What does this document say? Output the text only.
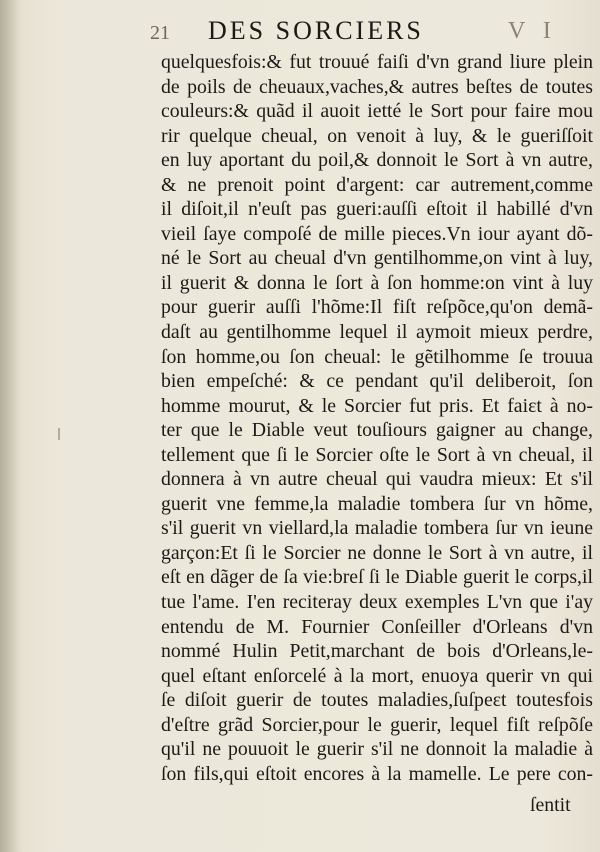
21 DES SORCIERS	V I
quelquesfois:& fut trouué faiſi d'vn grand liure plein
de poils de cheuaux,vaches,& autres beſtes de toutes
couleurs:& quãd il auoit ietté le Sort pour faire mou
rir quelque cheual, on venoit à luy, & le gueriſſoit
en luy aportant du poil,& donnoit le Sort à vn autre,
& ne prenoit point d'argent: car autrement,comme
il diſoit,il n'euſt pas gueri:auſſi eſtoit il habillé d'vn
vieil ſaye compoſé de mille pieces.Vn iour ayant dõ-
né le Sort au cheual d'vn gentilhomme,on vint à luy,
il guerit & donna le ſort à ſon homme:on vint à luy
pour guerir auſſi l'hõme:Il fiſt reſpõce,qu'on demã-
daſt au gentilhomme lequel il aymoit mieux perdre,
ſon homme,ou ſon cheual: le gẽtilhomme ſe trouua
bien empeſché: & ce pendant qu'il deliberoit, ſon
homme mourut, & le Sorcier fut pris. Et faiɛt à no-
ter que le Diable veut touſiours gaigner au change,
tellement que ſi le Sorcier oſte le Sort à vn cheual, il
donnera à vn autre cheual qui vaudra mieux: Et s'il
guerit vne femme,la maladie tombera ſur vn hõme,
s'il guerit vn viellard,la maladie tombera ſur vn ieune
garçon:Et ſi le Sorcier ne donne le Sort à vn autre, il
eſt en dãger de ſa vie:breſ ſi le Diable guerit le corps,il
tue l'ame. I'en reciteray deux exemples L'vn que i'ay
entendu de M. Fournier Conſeiller d'Orleans d'vn
nommé Hulin Petit,marchant de bois d'Orleans,le-
quel eſtant enſorcelé à la mort, enuoya querir vn qui
ſe diſoit guerir de toutes maladies,ſuſpeɛt toutesfois
d'eſtre grãd Sorcier,pour le guerir, lequel fiſt reſpõſe
qu'il ne pouuoit le guerir s'il ne donnoit la maladie à
ſon fils,qui eſtoit encores à la mamelle. Le pere con-
ſentit
